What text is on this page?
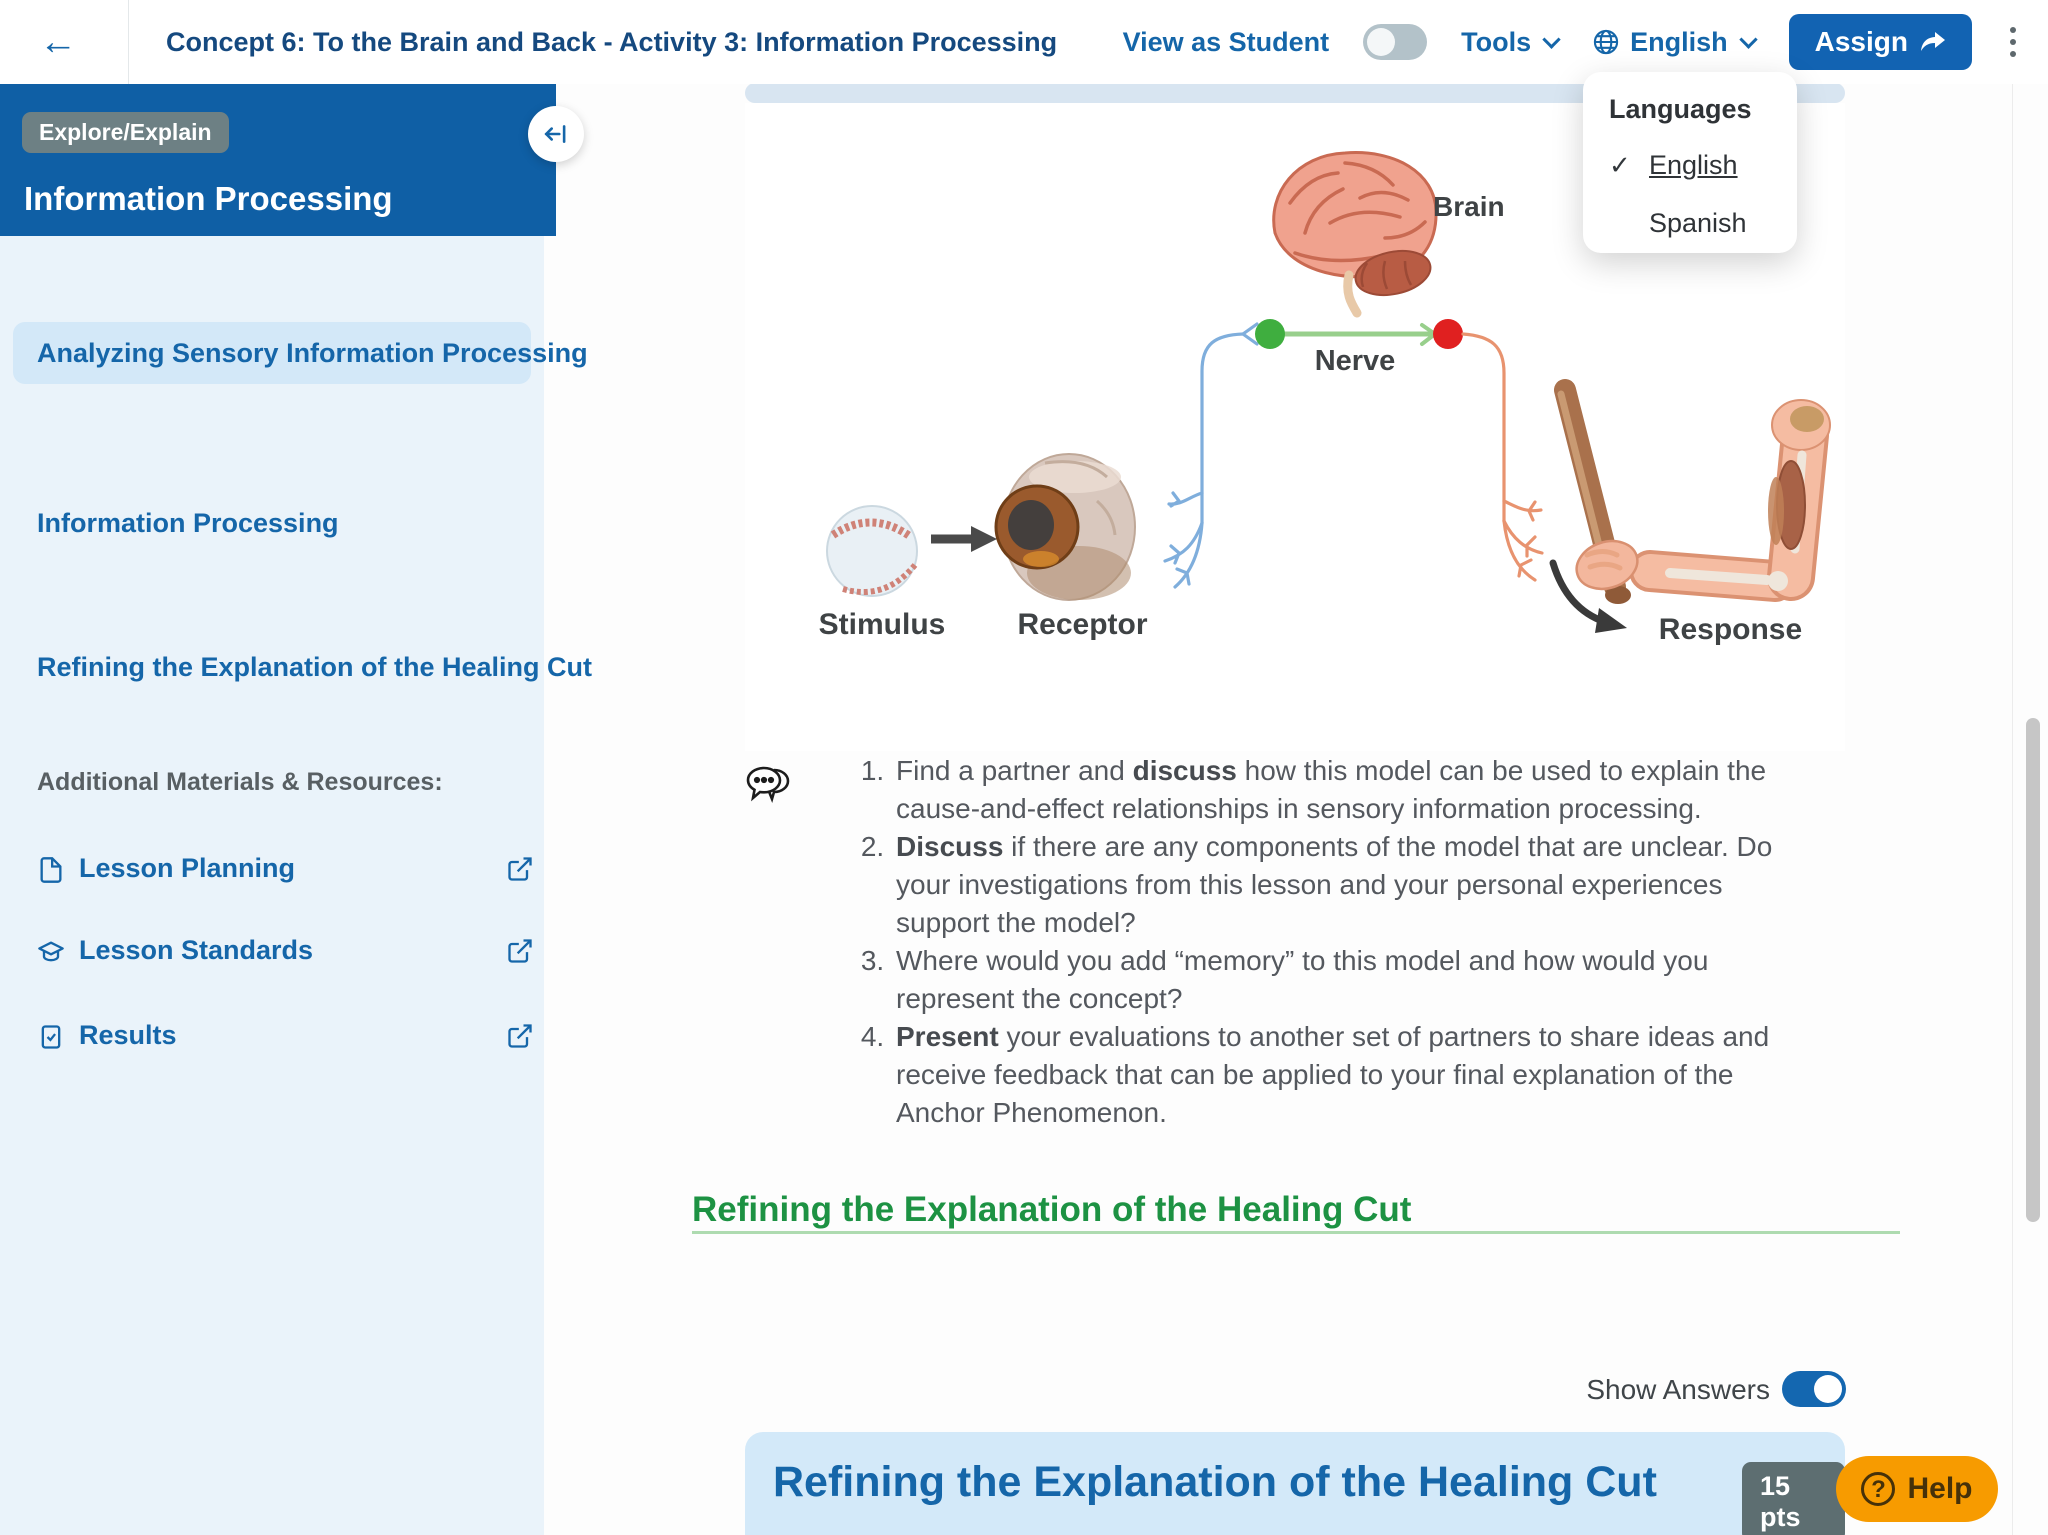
←	Concept 6: To the Brain and Back - Activity 3: Information Processing View as Student	Tools	English	Assign
Languages
✓ English
Spanish
Explore/Explain
Information Processing
Information Processing
Analyzing Sensory Information Processing
Refining the Explanation of the Healing Cut
Additional Materials & Resources:
Lesson Planning
Lesson Standards
Results
Brain
Nerve
Stimulus	Receptor	Response
1. Find a partner and discuss how this model can be used to explain the cause-and-effect relationships in sensory information processing.
2. Discuss if there are any components of the model that are unclear. Do your investigations from this lesson and your personal experiences support the model?
3. Where would you add “memory” to this model and how would you represent the concept?
4. Present your evaluations to another set of partners to share ideas and receive feedback that can be applied to your final explanation of the Anchor Phenomenon.
Refining the Explanation of the Healing Cut
Show Answers
Refining the Explanation of the Healing Cut	15 pts
? Help
